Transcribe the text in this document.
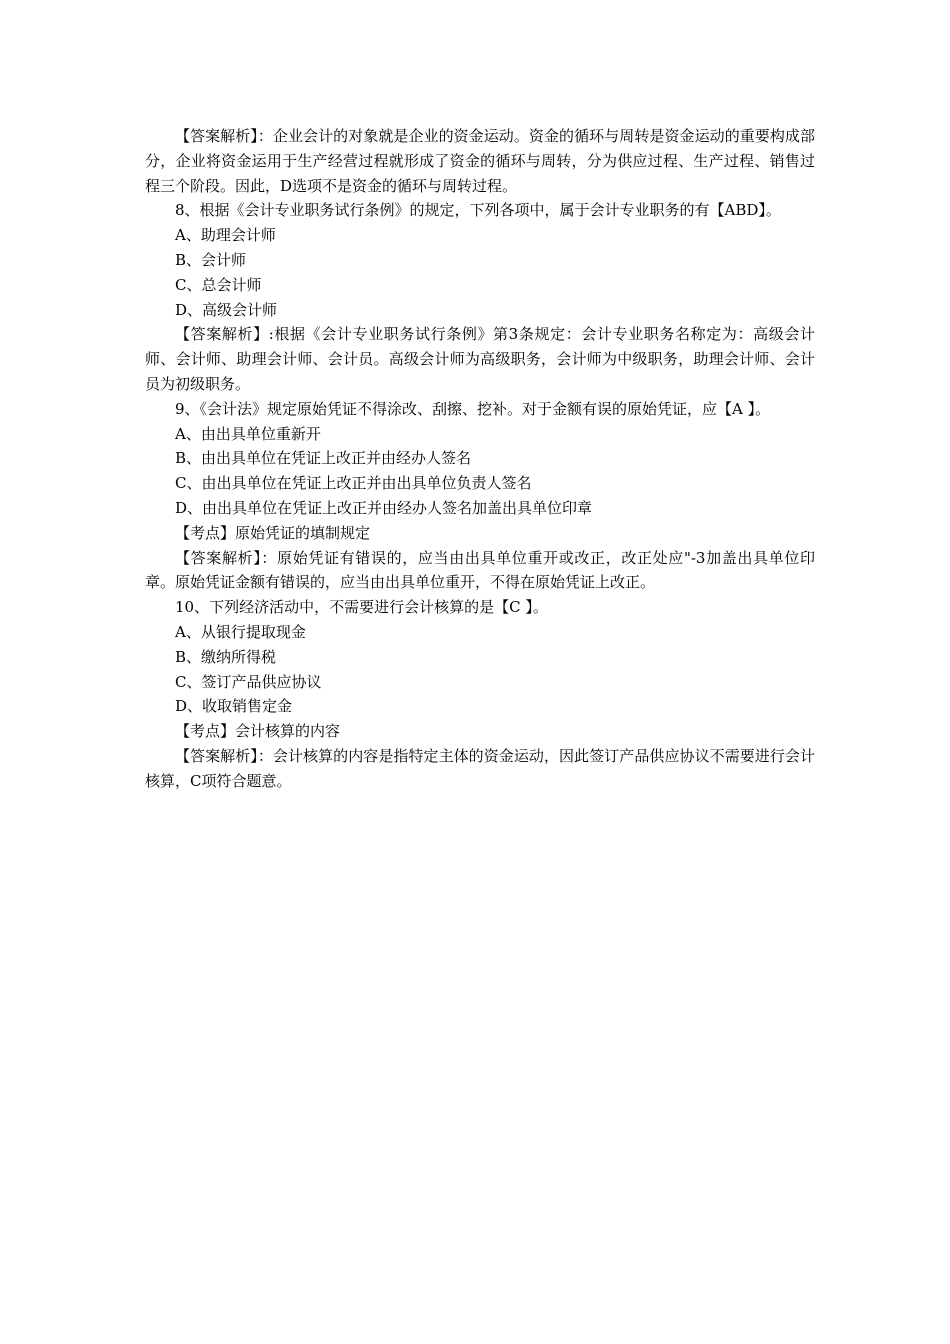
【答案解析】：企业会计的对象就是企业的资金运动。资金的循环与周转是资金运动的重要构成部分，企业将资金运用于生产经营过程就形成了资金的循环与周转，分为供应过程、生产过程、销售过程三个阶段。因此，D选项不是资金的循环与周转过程。

8、根据《会计专业职务试行条例》的规定，下列各项中，属于会计专业职务的有【ABD】。

A、助理会计师

B、会计师

C、总会计师

D、高级会计师

【答案解析】:根据《会计专业职务试行条例》第3条规定：会计专业职务名称定为：高级会计师、会计师、助理会计师、会计员。高级会计师为高级职务，会计师为中级职务，助理会计师、会计员为初级职务。

9、《会计法》规定原始凭证不得涂改、刮擦、挖补。对于金额有误的原始凭证，应【A 】。

A、由出具单位重新开

B、由出具单位在凭证上改正并由经办人签名

C、由出具单位在凭证上改正并由出具单位负责人签名

D、由出具单位在凭证上改正并由经办人签名加盖出具单位印章

【考点】原始凭证的填制规定

【答案解析】：原始凭证有错误的，应当由出具单位重开或改正，改正处应"-3加盖出具单位印章。原始凭证金额有错误的，应当由出具单位重开，不得在原始凭证上改正。

10、下列经济活动中，不需要进行会计核算的是【C 】。

A、从银行提取现金

B、缴纳所得税

C、签订产品供应协议

D、收取销售定金

【考点】会计核算的内容

【答案解析】：会计核算的内容是指特定主体的资金运动，因此签订产品供应协议不需要进行会计核算，C项符合题意。
